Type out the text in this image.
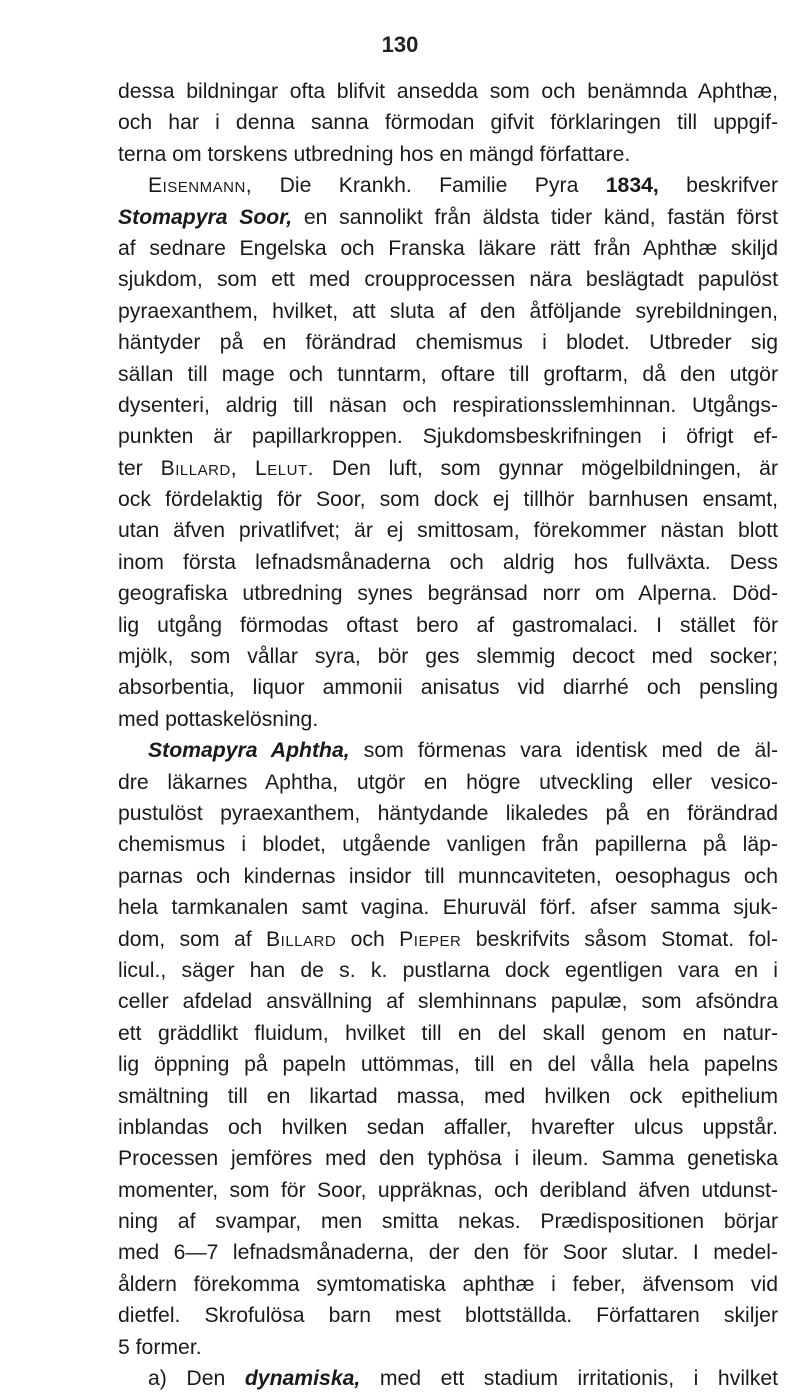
130
dessa bildningar ofta blifvit ansedda som och benämnda Aphthæ,
och har i denna sanna förmodan gifvit förklaringen till uppgif-
terna om torskens utbredning hos en mängd författare.
Eisenmann, Die Krankh. Familie Pyra 1834, beskrifver
Stomapyra Soor, en sannolikt från äldsta tider känd, fastän först
af sednare Engelska och Franska läkare rätt från Aphthæ skiljd
sjukdom, som ett med croupprocessen nära beslägtadt papulöst
pyraexanthem, hvilket, att sluta af den åtföljande syrebildningen,
häntyder på en förändrad chemismus i blodet. Utbreder sig
sällan till mage och tunntarm, oftare till groftarm, då den utgör
dysenteri, aldrig till näsan och respirationsslemhinnan. Utgångs-
punkten är papillarkroppen. Sjukdomsbeskrifningen i öfrigt ef-
ter Billard, Lelut. Den luft, som gynnar mögelbildningen, är
ock fördelaktig för Soor, som dock ej tillhör barnhusen ensamt,
utan äfven privatlifvet; är ej smittosam, förekommer nästan blott
inom första lefnadsmånaderna och aldrig hos fullväxta. Dess
geografiska utbredning synes begränsad norr om Alperna. Död-
lig utgång förmodas oftast bero af gastromalaci. I stället för
mjölk, som vållar syra, bör ges slemmig decoct med socker;
absorbentia, liquor ammonii anisatus vid diarrhé och pensling
med pottaskelösning.
Stomapyra Aphtha, som förmenas vara identisk med de äl-
dre läkarnes Aphtha, utgör en högre utveckling eller vesico-
pustulöst pyraexanthem, häntydande likaledes på en förändrad
chemismus i blodet, utgående vanligen från papillerna på läp-
parnas och kindernas insidor till munncaviteten, oesophagus och
hela tarmkanalen samt vagina. Ehuruväl förf. afser samma sjuk-
dom, som af Billard och Pieper beskrifvits såsom Stomat. fol-
licul., säger han de s. k. pustlarna dock egentligen vara en i
celler afdelad ansvällning af slemhinnans papulæ, som afsöndra
ett gräddlikt fluidum, hvilket till en del skall genom en natur-
lig öppning på papeln uttömmas, till en del vålla hela papelns
smältning till en likartad massa, med hvilken ock epithelium
inblandas och hvilken sedan affaller, hvarefter ulcus uppstår.
Processen jemföres med den typhösa i ileum. Samma genetiska
momenter, som för Soor, uppräknas, och deribland äfven utdunst-
ning af svampar, men smitta nekas. Prædispositionen börjar
med 6—7 lefnadsmånaderna, der den för Soor slutar. I medel-
åldern förekomma symtomatiska aphthæ i feber, äfvensom vid
dietfel. Skrofulösa barn mest blottställda. Författaren skiljer
5 former.
a) Den dynamiska, med ett stadium irritationis, i hvilket
